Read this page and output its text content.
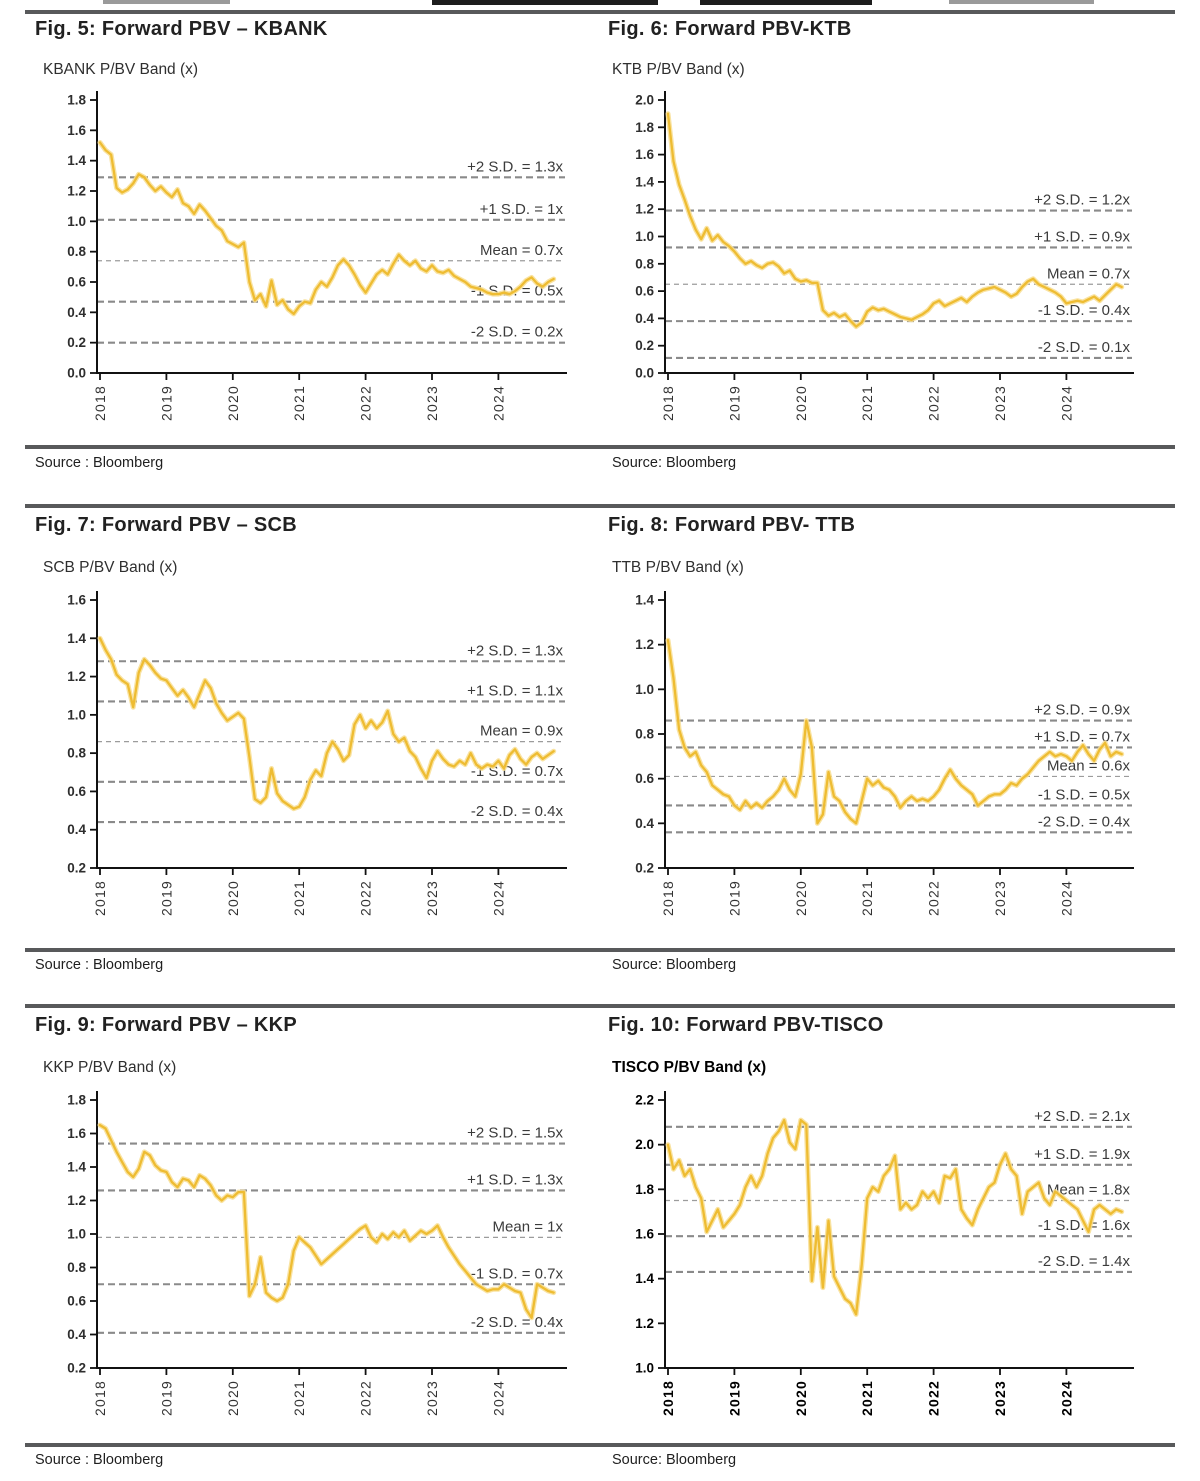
Fig. 5: Forward PBV – KBANK
KBANK P/BV Band (x)
0.0
0.2
0.4
0.6
0.8
1.0
1.2
1.4
1.6
1.8
2018	2019	2020	2021	2022	2023	2024
+2 S.D. = 1.3x
+1 S.D. = 1x
Mean = 0.7x
-1 S.D. = 0.5x
-2 S.D. = 0.2x
Source : Bloomberg
Fig. 6: Forward PBV-KTB
KTB P/BV Band (x)
0.0
0.2
0.4
0.6
0.8
1.0
1.2
1.4
1.6
1.8
2.0
2018	2019	2020	2021	2022	2023	2024
+2 S.D. = 1.2x
+1 S.D. = 0.9x
Mean = 0.7x
-1 S.D. = 0.4x
-2 S.D. = 0.1x
Source: Bloomberg
Fig. 7: Forward PBV – SCB
SCB P/BV Band (x)
0.2
0.4
0.6
0.8
1.0
1.2
1.4
1.6
2018	2019	2020	2021	2022	2023	2024
+2 S.D. = 1.3x
+1 S.D. = 1.1x
Mean = 0.9x
-1 S.D. = 0.7x
-2 S.D. = 0.4x
Source : Bloomberg
Fig. 8: Forward PBV- TTB
TTB P/BV Band (x)
0.2
0.4
0.6
0.8
1.0
1.2
1.4
2018	2019	2020	2021	2022	2023	2024
+2 S.D. = 0.9x
+1 S.D. = 0.7x
Mean = 0.6x
-1 S.D. = 0.5x
-2 S.D. = 0.4x
Source: Bloomberg
Fig. 9: Forward PBV – KKP
KKP P/BV Band (x)
0.2
0.4
0.6
0.8
1.0
1.2
1.4
1.6
1.8
2018	2019	2020	2021	2022	2023	2024
+2 S.D. = 1.5x
+1 S.D. = 1.3x
Mean = 1x
-1 S.D. = 0.7x
-2 S.D. = 0.4x
Source : Bloomberg
Fig. 10: Forward PBV-TISCO
TISCO P/BV Band (x)
1.0
1.2
1.4
1.6
1.8
2.0
2.2
2018	2019	2020	2021	2022	2023	2024
+2 S.D. = 2.1x
+1 S.D. = 1.9x
Mean = 1.8x
-1 S.D. = 1.6x
-2 S.D. = 1.4x
Source: Bloomberg
